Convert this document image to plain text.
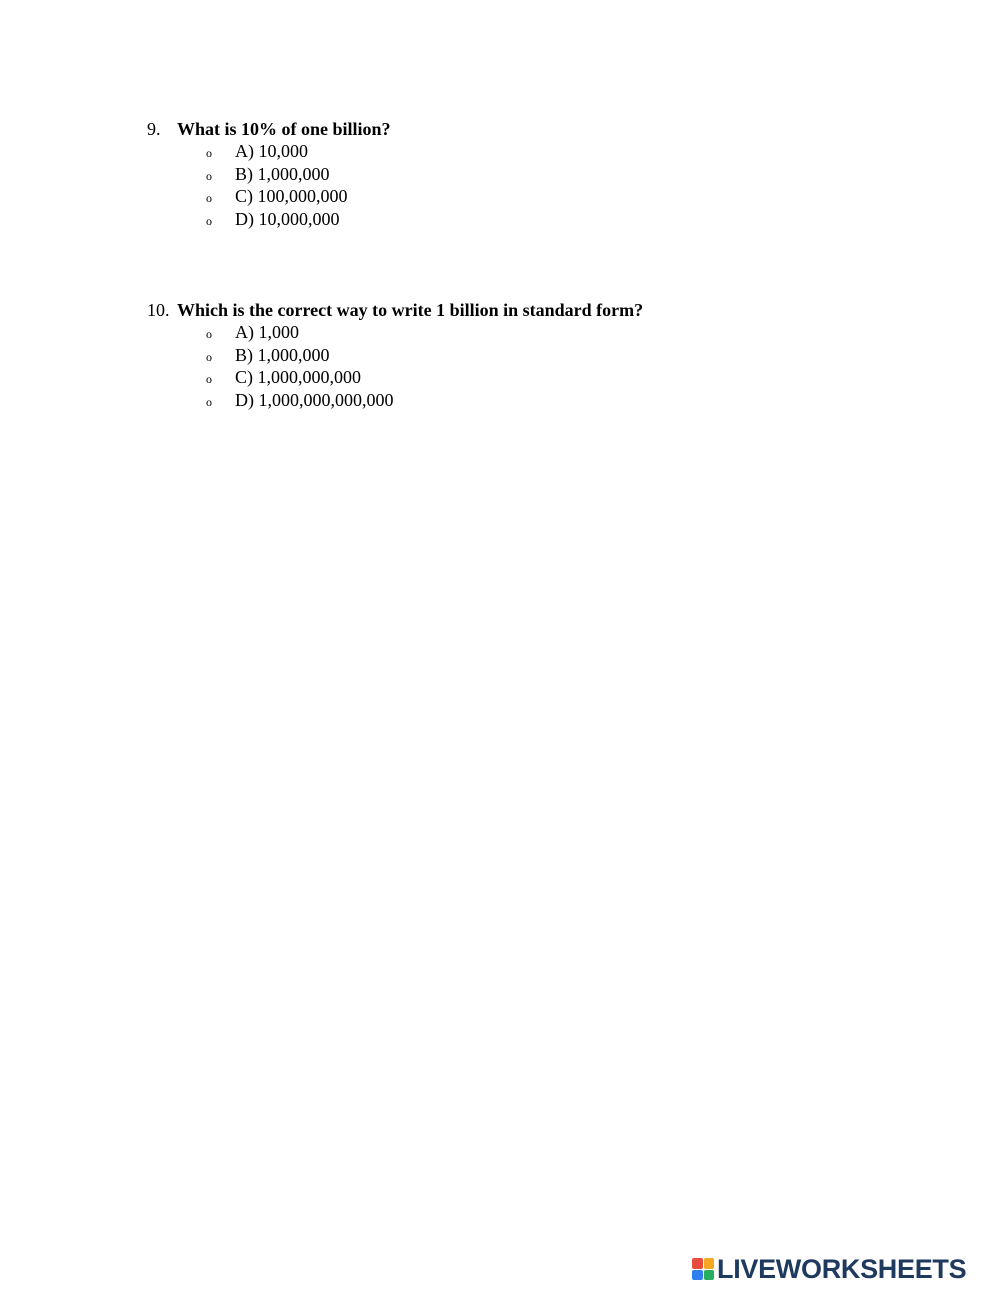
9. What is 10% of one billion?
o	A) 10,000
o	B) 1,000,000
o	C) 100,000,000
o	D) 10,000,000
10. Which is the correct way to write 1 billion in standard form?
o	A) 1,000
o	B) 1,000,000
o	C) 1,000,000,000
o	D) 1,000,000,000,000
LIVEWORKSHEETS
